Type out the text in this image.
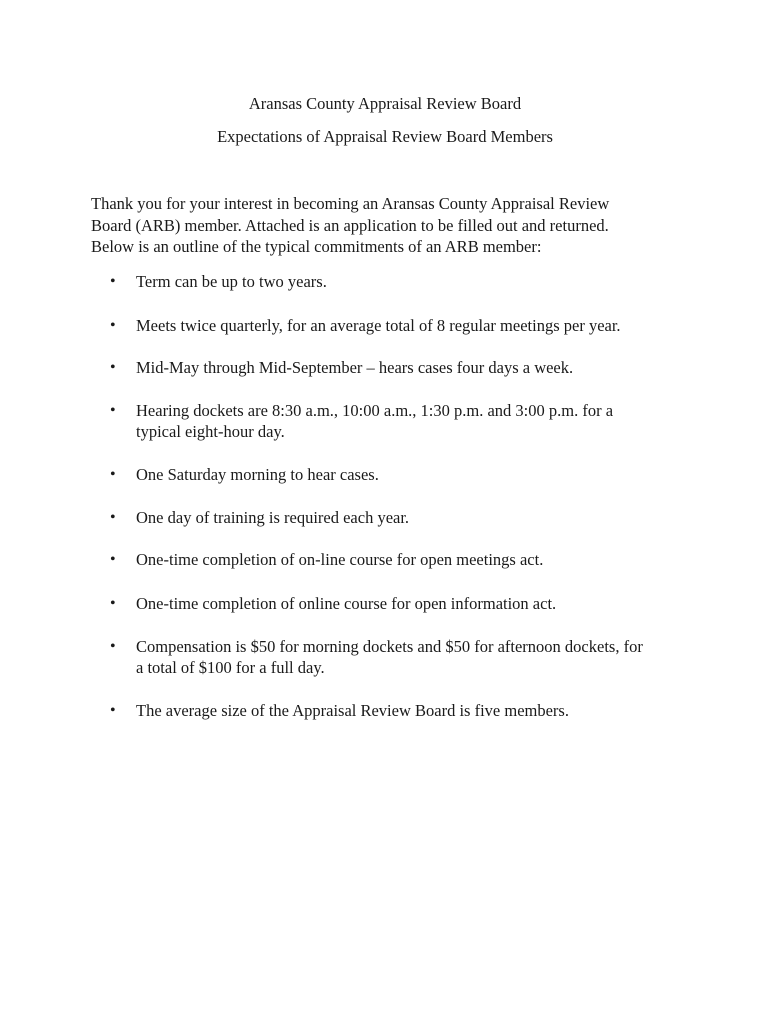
Aransas County Appraisal Review Board
Expectations of Appraisal Review Board Members
Thank you for your interest in becoming an Aransas County Appraisal Review
Board (ARB) member. Attached is an application to be filled out and returned.
Below is an outline of the typical commitments of an ARB member:
•	Term can be up to two years.
•	Meets twice quarterly, for an average total of 8 regular meetings per year.
•	Mid-May through Mid-September – hears cases four days a week.
•	Hearing dockets are 8:30 a.m., 10:00 a.m., 1:30 p.m. and 3:00 p.m. for a
typical eight-hour day.
•	One Saturday morning to hear cases.
•	One day of training is required each year.
•	One-time completion of on-line course for open meetings act.
•	One-time completion of online course for open information act.
•	Compensation is $50 for morning dockets and $50 for afternoon dockets, for
a total of $100 for a full day.
•	The average size of the Appraisal Review Board is five members.
